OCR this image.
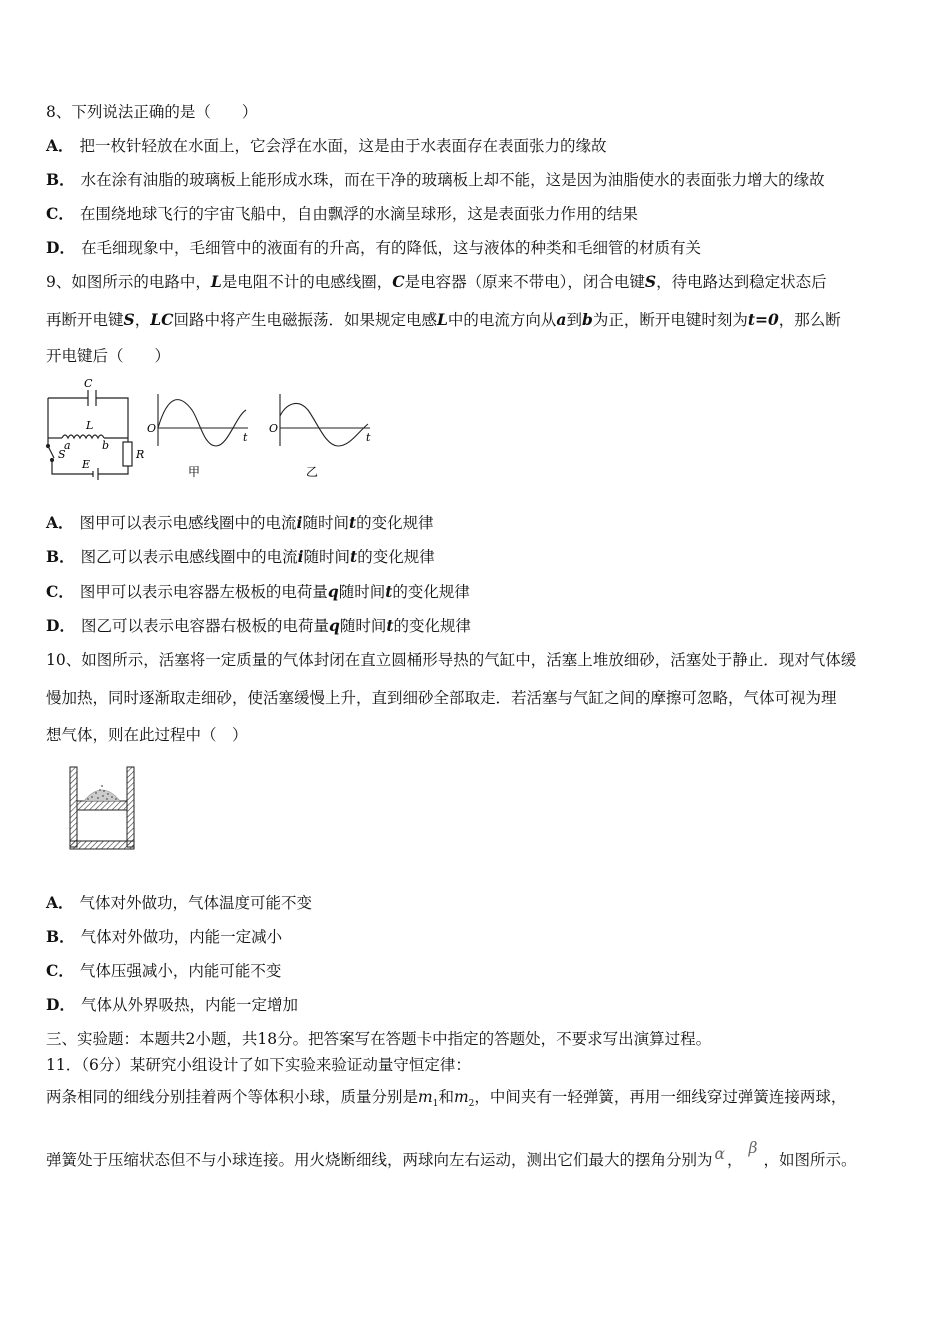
8、下列说法正确的是（　　）
A． 把一枚针轻放在水面上，它会浮在水面，这是由于水表面存在表面张力的缘故
B． 水在涂有油脂的玻璃板上能形成水珠，而在干净的玻璃板上却不能，这是因为油脂使水的表面张力增大的缘故
C． 在围绕地球飞行的宇宙飞船中，自由飘浮的水滴呈球形，这是表面张力作用的结果
D． 在毛细现象中，毛细管中的液面有的升高，有的降低，这与液体的种类和毛细管的材质有关
9、如图所示的电路中，L是电阻不计的电感线圈，C是电容器（原来不带电），闭合电键S，待电路达到稳定状态后
再断开电键S，LC回路中将产生电磁振荡．如果规定电感L中的电流方向从a到b为正，断开电键时刻为t=0，那么断
开电键后（　　）
C
L
a	b
S
E
R
O
t
甲
O
t
乙
A． 图甲可以表示电感线圈中的电流i随时间t的变化规律
B． 图乙可以表示电感线圈中的电流i随时间t的变化规律
C． 图甲可以表示电容器左极板的电荷量q随时间t的变化规律
D． 图乙可以表示电容器右极板的电荷量q随时间t的变化规律
10、如图所示，活塞将一定质量的气体封闭在直立圆桶形导热的气缸中，活塞上堆放细砂，活塞处于静止．现对气体缓
慢加热，同时逐渐取走细砂，使活塞缓慢上升，直到细砂全部取走．若活塞与气缸之间的摩擦可忽略，气体可视为理
想气体，则在此过程中（　）
A． 气体对外做功，气体温度可能不变
B． 气体对外做功，内能一定减小
C． 气体压强减小，内能可能不变
D． 气体从外界吸热，内能一定增加
三、实验题：本题共2小题，共18分。把答案写在答题卡中指定的答题处，不要求写出演算过程。
11．（6分）某研究小组设计了如下实验来验证动量守恒定律：
两条相同的细线分别挂着两个等体积小球，质量分别是$m_1$和$m_2$，中间夹有一轻弹簧，再用一细线穿过弹簧连接两球，
弹簧处于压缩状态但不与小球连接。用火烧断细线，两球向左右运动，测出它们最大的摆角分别为 α ，β，如图所示。
